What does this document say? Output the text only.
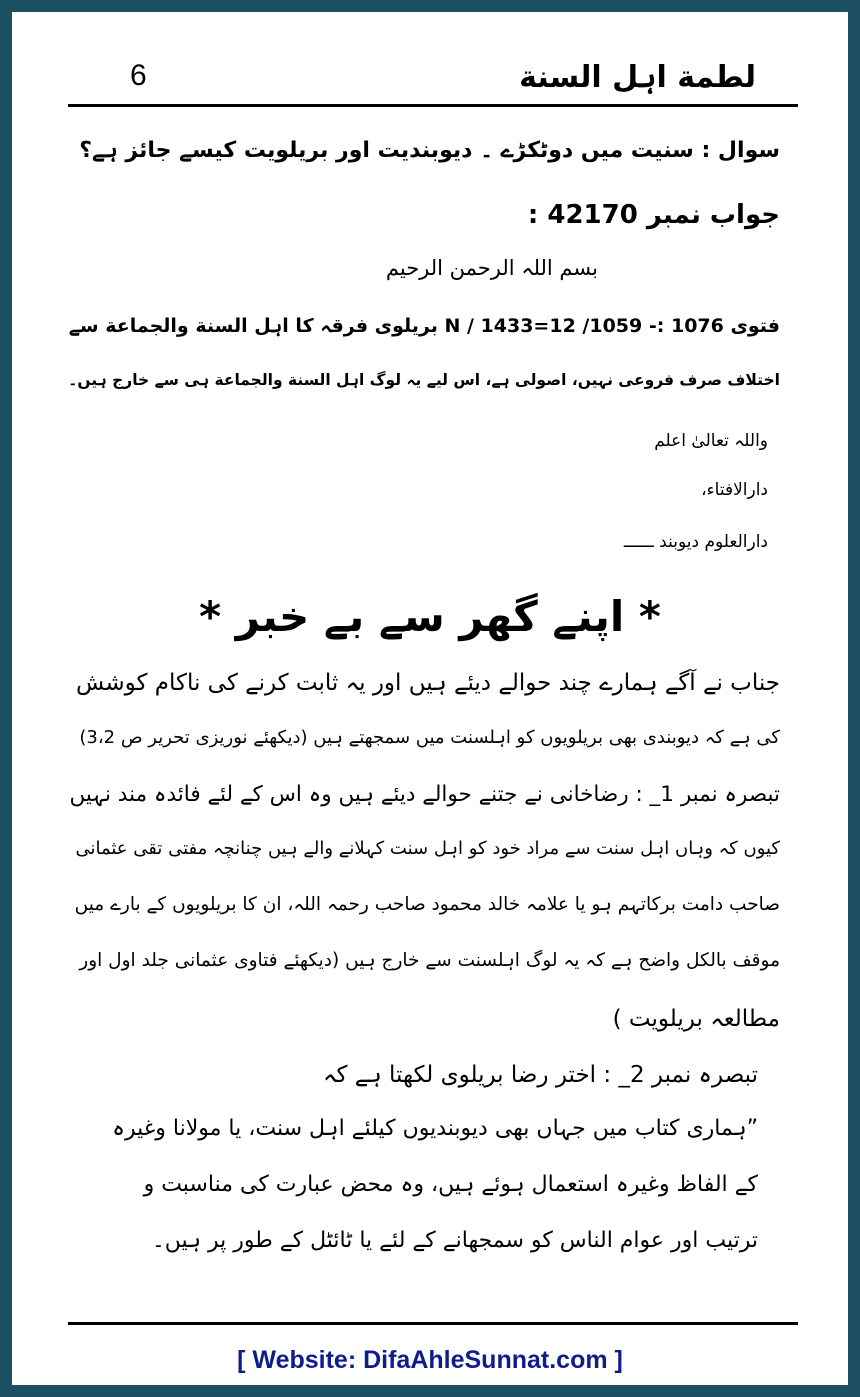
لطمة اہل السنة
6
سوال : سنیت میں دوٹکڑے ۔ دیوبندیت اور بریلویت کیسے جائز ہے؟
جواب نمبر 42170 :
بسم اللہ الرحمن الرحیم
فتوی 1076 :- 1059/ 12=N / 1433 بریلوی فرقہ کا اہل السنة والجماعة سے
اختلاف صرف فروعی نہیں، اصولی ہے، اس لیے یہ لوگ اہل السنة والجماعة ہی سے خارج ہیں۔
واللہ تعالیٰ اعلم
دارالافتاء،
دارالعلوم دیوبند ــــــ
* اپنے گھر سے بے خبر *
جناب نے آگے ہمارے چند حوالے دیئے ہیں اور یہ ثابت کرنے کی ناکام کوشش
کی ہے کہ دیوبندی بھی بریلویوں کو اہلسنت میں سمجھتے ہیں (دیکھئے نوریزی تحریر ص 3،2)
تبصرہ نمبر 1_ : رضاخانی نے جتنے حوالے دیئے ہیں وہ اس کے لئے فائدہ مند نہیں
کیوں کہ وہاں اہل سنت سے مراد خود کو اہل سنت کہلانے والے ہیں چنانچہ مفتی تقی عثمانی
صاحب دامت برکاتہم ہو یا علامہ خالد محمود صاحب رحمہ اللہ، ان کا بریلویوں کے بارے میں
موقف بالکل واضح ہے کہ یہ لوگ اہلسنت سے خارج ہیں (دیکھئے فتاوی عثمانی جلد اول اور
مطالعہ بریلویت )
تبصرہ نمبر 2_ : اختر رضا بریلوی لکھتا ہے کہ
”ہماری کتاب میں جہاں بھی دیوبندیوں کیلئے اہل سنت، یا مولانا وغیرہ
کے الفاظ وغیرہ استعمال ہوئے ہیں، وہ محض عبارت کی مناسبت و
ترتیب اور عوام الناس کو سمجھانے کے لئے یا ٹائٹل کے طور پر ہیں۔
[ Website: DifaAhleSunnat.com ]
